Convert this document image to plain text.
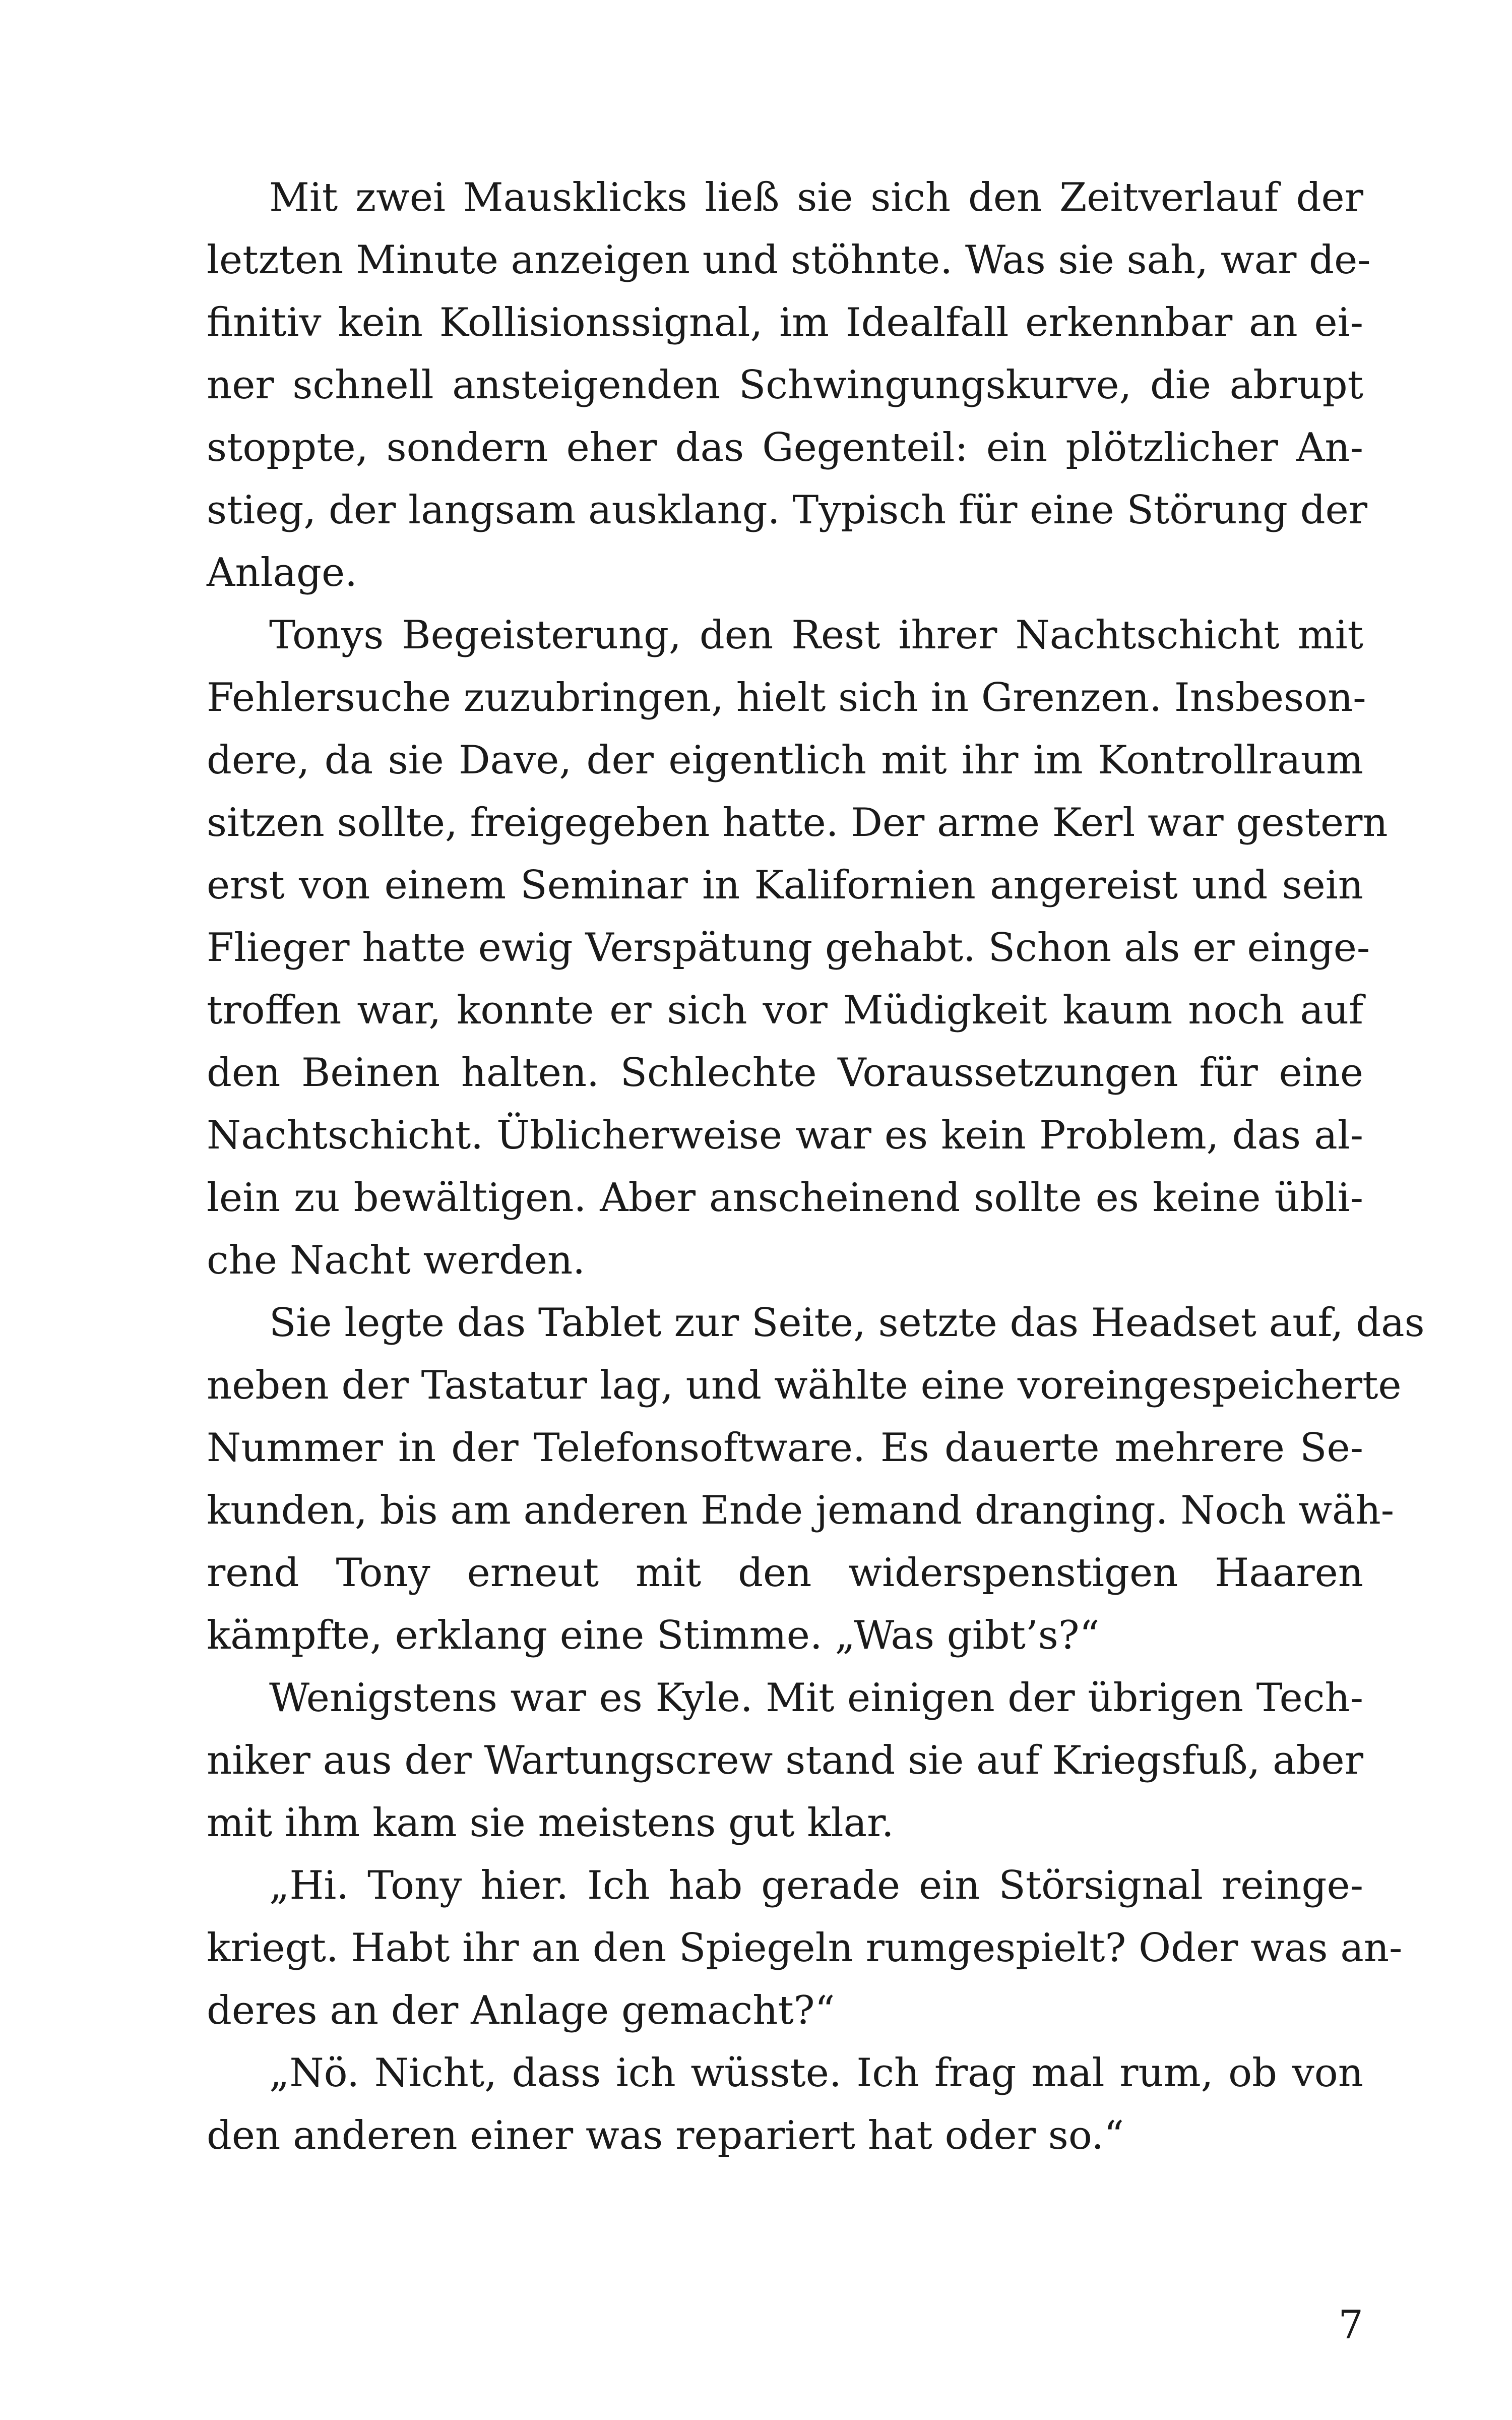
Mit zwei Mausklicks ließ sie sich den Zeitverlauf der
letzten Minute anzeigen und stöhnte. Was sie sah, war de-
finitiv kein Kollisionssignal, im Idealfall erkennbar an ei-
ner schnell ansteigenden Schwingungskurve, die abrupt
stoppte, sondern eher das Gegenteil: ein plötzlicher An-
stieg, der langsam ausklang. Typisch für eine Störung der
Anlage.
Tonys Begeisterung, den Rest ihrer Nachtschicht mit
Fehlersuche zuzubringen, hielt sich in Grenzen. Insbeson-
dere, da sie Dave, der eigentlich mit ihr im Kontrollraum
sitzen sollte, freigegeben hatte. Der arme Kerl war gestern
erst von einem Seminar in Kalifornien angereist und sein
Flieger hatte ewig Verspätung gehabt. Schon als er einge-
troffen war, konnte er sich vor Müdigkeit kaum noch auf
den Beinen halten. Schlechte Voraussetzungen für eine
Nachtschicht. Üblicherweise war es kein Problem, das al-
lein zu bewältigen. Aber anscheinend sollte es keine übli-
che Nacht werden.
Sie legte das Tablet zur Seite, setzte das Headset auf, das
neben der Tastatur lag, und wählte eine voreingespeicherte
Nummer in der Telefonsoftware. Es dauerte mehrere Se-
kunden, bis am anderen Ende jemand dranging. Noch wäh-
rend Tony erneut mit den widerspenstigen Haaren
kämpfte, erklang eine Stimme. „Was gibt’s?“
Wenigstens war es Kyle. Mit einigen der übrigen Tech-
niker aus der Wartungscrew stand sie auf Kriegsfuß, aber
mit ihm kam sie meistens gut klar.
„Hi. Tony hier. Ich hab gerade ein Störsignal reinge-
kriegt. Habt ihr an den Spiegeln rumgespielt? Oder was an-
deres an der Anlage gemacht?“
„Nö. Nicht, dass ich wüsste. Ich frag mal rum, ob von
den anderen einer was repariert hat oder so.“
7
